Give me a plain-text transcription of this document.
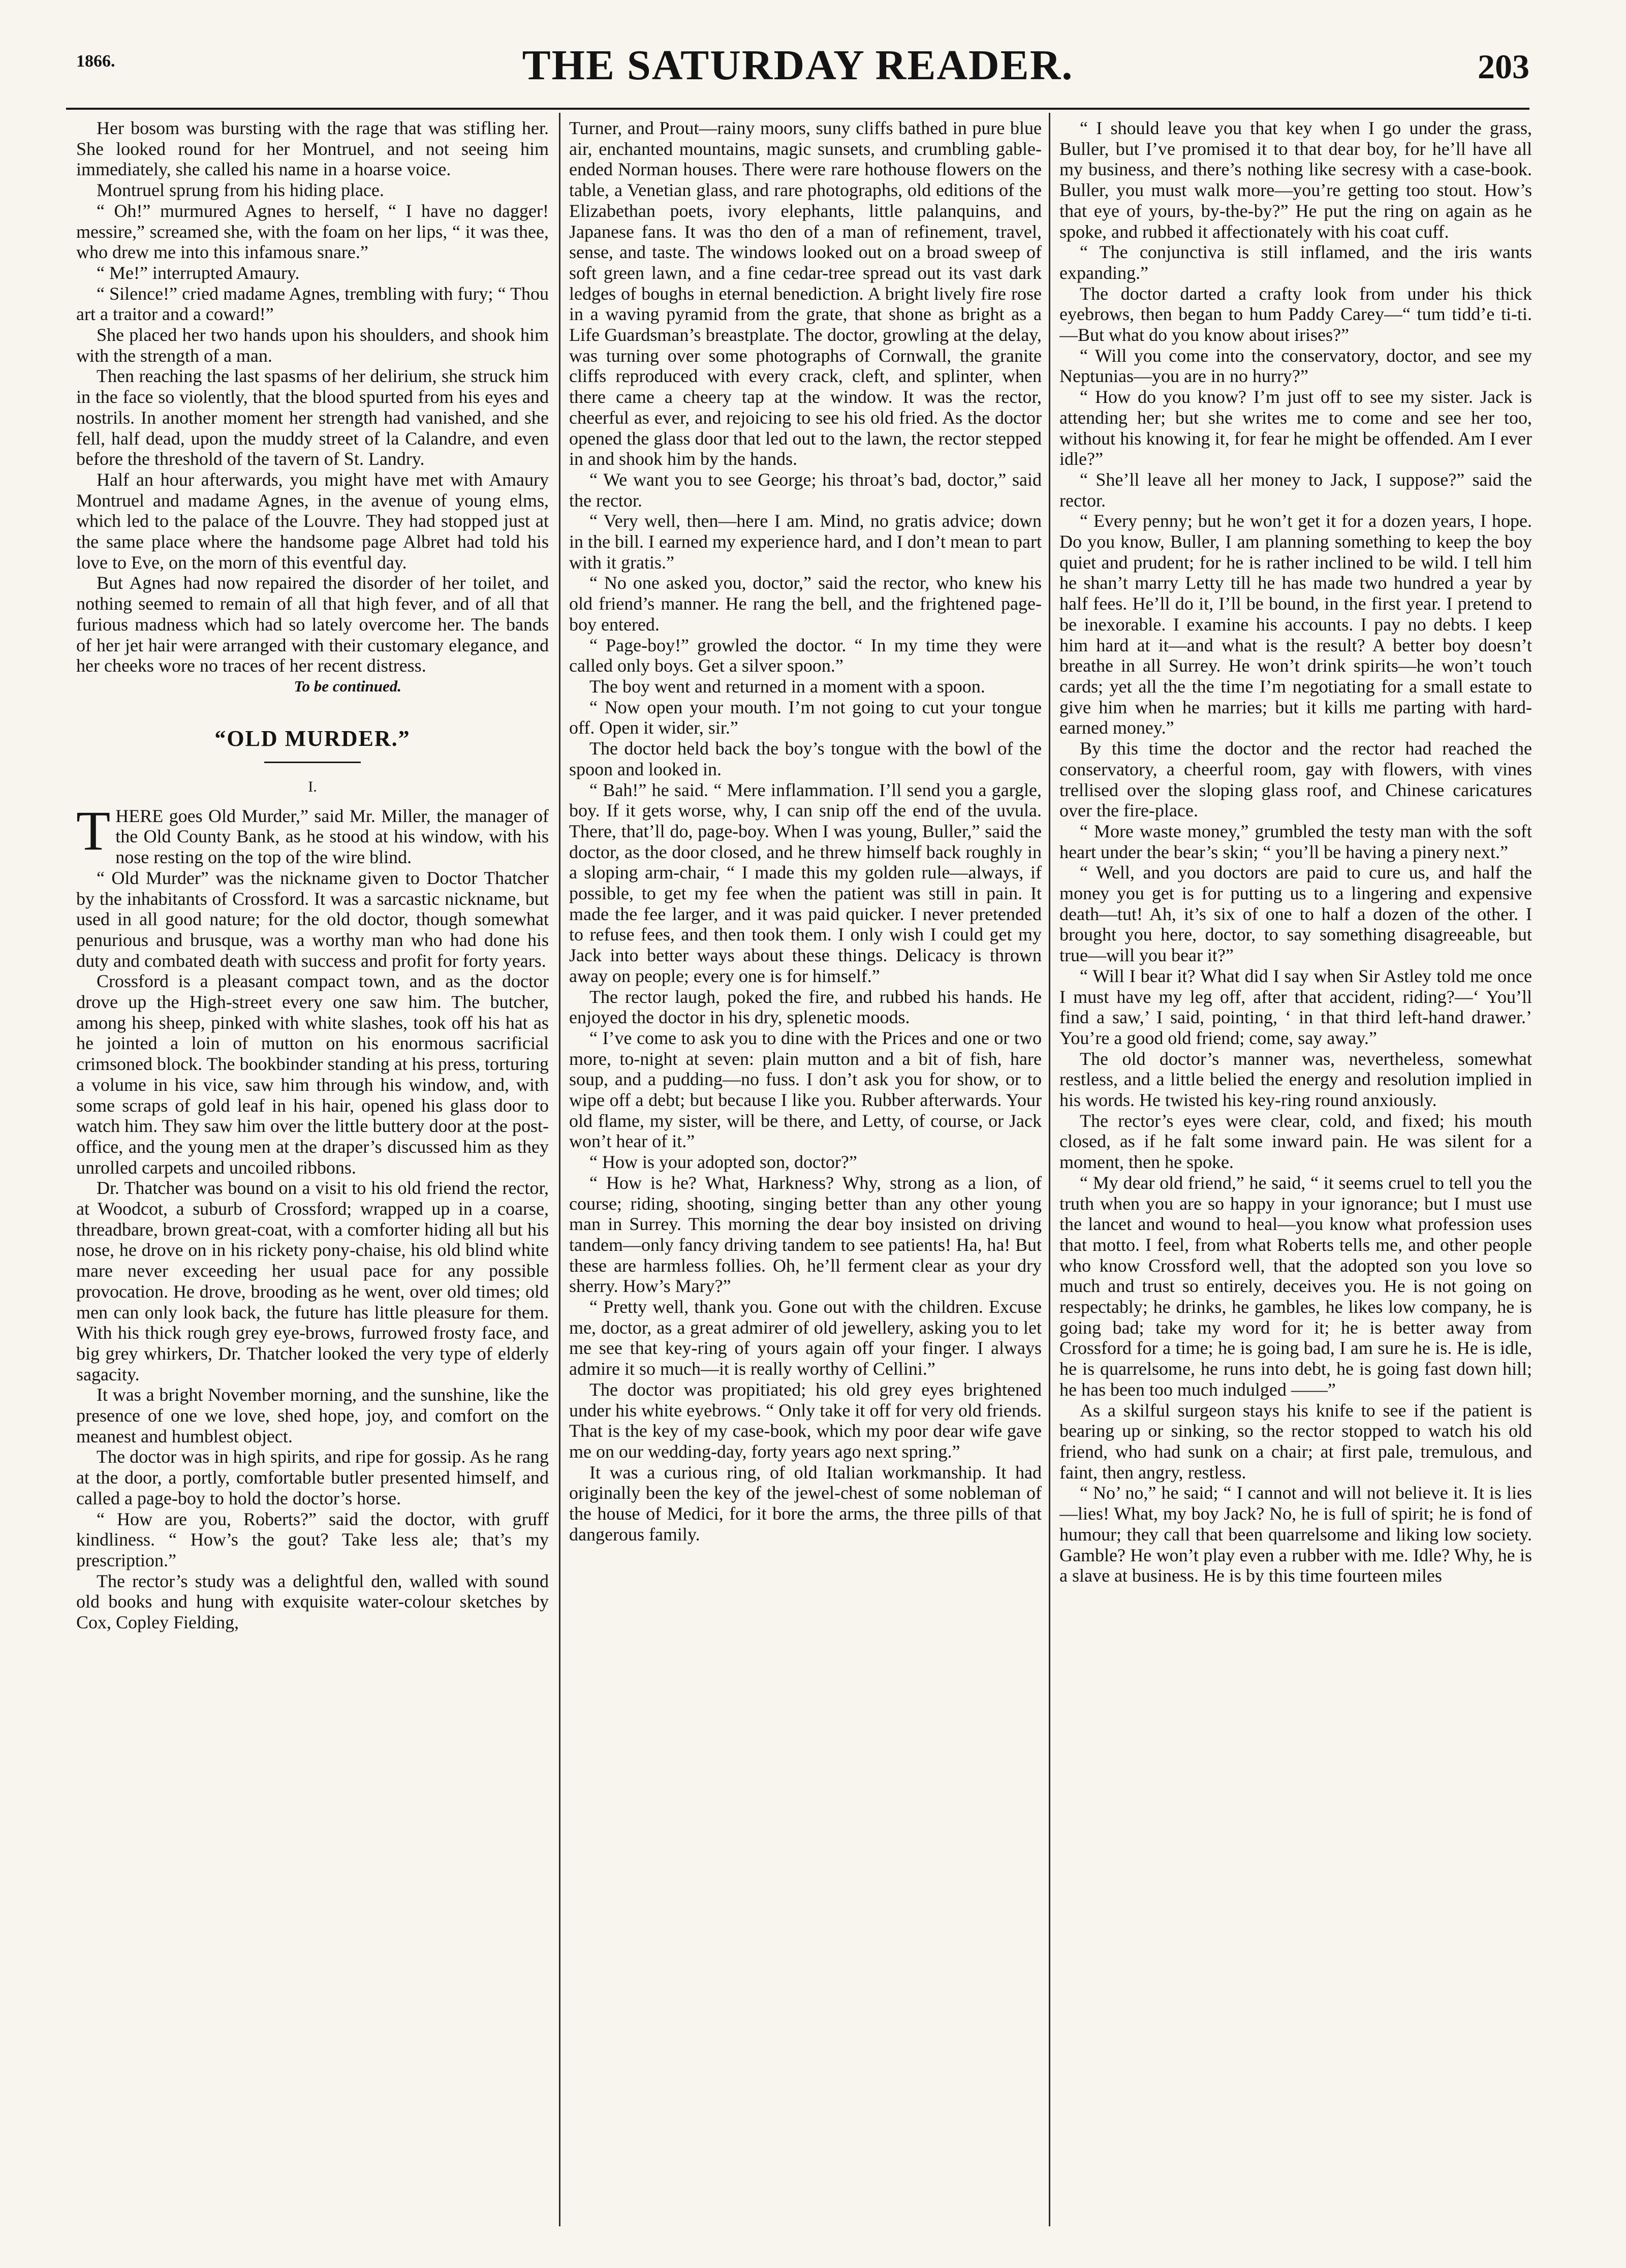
1866.	THE SATURDAY READER.	203

Her bosom was bursting with the rage that was stifling her. She looked round for her Montruel, and not seeing him immediately, she called his name in a hoarse voice.

Montruel sprung from his hiding place.

“ Oh!” murmured Agnes to herself, “ I have no dagger! messire,” screamed she, with the foam on her lips, “ it was thee, who drew me into this infamous snare.”

“ Me!” interrupted Amaury.

“ Silence!” cried madame Agnes, trembling with fury; “ Thou art a traitor and a coward!”

She placed her two hands upon his shoulders, and shook him with the strength of a man.

Then reaching the last spasms of her delirium, she struck him in the face so violently, that the blood spurted from his eyes and nostrils. In another moment her strength had vanished, and she fell, half dead, upon the muddy street of la Calandre, and even before the threshold of the tavern of St. Landry.

Half an hour afterwards, you might have met with Amaury Montruel and madame Agnes, in the avenue of young elms, which led to the palace of the Louvre. They had stopped just at the same place where the handsome page Albret had told his love to Eve, on the morn of this eventful day.

But Agnes had now repaired the disorder of her toilet, and nothing seemed to remain of all that high fever, and of all that furious madness which had so lately overcome her. The bands of her jet hair were arranged with their customary elegance, and her cheeks wore no traces of her recent distress.

To be continued.
“OLD MURDER.”
I.

THERE goes Old Murder,” said Mr. Miller, the manager of the Old County Bank, as he stood at his window, with his nose resting on the top of the wire blind.

“ Old Murder” was the nickname given to Doctor Thatcher by the inhabitants of Crossford. It was a sarcastic nickname, but used in all good nature; for the old doctor, though somewhat penurious and brusque, was a worthy man who had done his duty and combated death with success and profit for forty years.

Crossford is a pleasant compact town, and as the doctor drove up the High-street every one saw him. The butcher, among his sheep, pinked with white slashes, took off his hat as he jointed a loin of mutton on his enormous sacrificial crimsoned block. The bookbinder standing at his press, torturing a volume in his vice, saw him through his window, and, with some scraps of gold leaf in his hair, opened his glass door to watch him. They saw him over the little buttery door at the post-office, and the young men at the draper’s discussed him as they unrolled carpets and uncoiled ribbons.

Dr. Thatcher was bound on a visit to his old friend the rector, at Woodcot, a suburb of Crossford; wrapped up in a coarse, threadbare, brown great-coat, with a comforter hiding all but his nose, he drove on in his rickety pony-chaise, his old blind white mare never exceeding her usual pace for any possible provocation. He drove, brooding as he went, over old times; old men can only look back, the future has little pleasure for them. With his thick rough grey eye-brows, furrowed frosty face, and big grey whirkers, Dr. Thatcher looked the very type of elderly sagacity.

It was a bright November morning, and the sunshine, like the presence of one we love, shed hope, joy, and comfort on the meanest and humblest object.

The doctor was in high spirits, and ripe for gossip. As he rang at the door, a portly, comfortable butler presented himself, and called a page-boy to hold the doctor’s horse.

“ How are you, Roberts?” said the doctor, with gruff kindliness. “ How’s the gout? Take less ale; that’s my prescription.”

The rector’s study was a delightful den, walled with sound old books and hung with exquisite water-colour sketches by Cox, Copley Fielding,

Turner, and Prout—rainy moors, suny cliffs bathed in pure blue air, enchanted mountains, magic sunsets, and crumbling gable-ended Norman houses. There were rare hothouse flowers on the table, a Venetian glass, and rare photographs, old editions of the Elizabethan poets, ivory elephants, little palanquins, and Japanese fans. It was tho den of a man of refinement, travel, sense, and taste. The windows looked out on a broad sweep of soft green lawn, and a fine cedar-tree spread out its vast dark ledges of boughs in eternal benediction. A bright lively fire rose in a waving pyramid from the grate, that shone as bright as a Life Guardsman’s breastplate. The doctor, growling at the delay, was turning over some photographs of Cornwall, the granite cliffs reproduced with every crack, cleft, and splinter, when there came a cheery tap at the window. It was the rector, cheerful as ever, and rejoicing to see his old fried. As the doctor opened the glass door that led out to the lawn, the rector stepped in and shook him by the hands.

“ We want you to see George; his throat’s bad, doctor,” said the rector.

“ Very well, then—here I am. Mind, no gratis advice; down in the bill. I earned my experience hard, and I don’t mean to part with it gratis.”

“ No one asked you, doctor,” said the rector, who knew his old friend’s manner. He rang the bell, and the frightened page-boy entered.

“ Page-boy!” growled the doctor. “ In my time they were called only boys. Get a silver spoon.”

The boy went and returned in a moment with a spoon.

“ Now open your mouth. I’m not going to cut your tongue off. Open it wider, sir.”

The doctor held back the boy’s tongue with the bowl of the spoon and looked in.

“ Bah!” he said. “ Mere inflammation. I’ll send you a gargle, boy. If it gets worse, why, I can snip off the end of the uvula. There, that’ll do, page-boy. When I was young, Buller,” said the doctor, as the door closed, and he threw himself back roughly in a sloping arm-chair, “ I made this my golden rule—always, if possible, to get my fee when the patient was still in pain. It made the fee larger, and it was paid quicker. I never pretended to refuse fees, and then took them. I only wish I could get my Jack into better ways about these things. Delicacy is thrown away on people; every one is for himself.”

The rector laugh, poked the fire, and rubbed his hands. He enjoyed the doctor in his dry, splenetic moods.

“ I’ve come to ask you to dine with the Prices and one or two more, to-night at seven: plain mutton and a bit of fish, hare soup, and a pudding—no fuss. I don’t ask you for show, or to wipe off a debt; but because I like you. Rubber afterwards. Your old flame, my sister, will be there, and Letty, of course, or Jack won’t hear of it.”

“ How is your adopted son, doctor?”

“ How is he? What, Harkness? Why, strong as a lion, of course; riding, shooting, singing better than any other young man in Surrey. This morning the dear boy insisted on driving tandem—only fancy driving tandem to see patients! Ha, ha! But these are harmless follies. Oh, he’ll ferment clear as your dry sherry. How’s Mary?”

“ Pretty well, thank you. Gone out with the children. Excuse me, doctor, as a great admirer of old jewellery, asking you to let me see that key-ring of yours again off your finger. I always admire it so much—it is really worthy of Cellini.”

The doctor was propitiated; his old grey eyes brightened under his white eyebrows. “ Only take it off for very old friends. That is the key of my case-book, which my poor dear wife gave me on our wedding-day, forty years ago next spring.”

It was a curious ring, of old Italian workmanship. It had originally been the key of the jewel-chest of some nobleman of the house of Medici, for it bore the arms, the three pills of that dangerous family.

“ I should leave you that key when I go under the grass, Buller, but I’ve promised it to that dear boy, for he’ll have all my business, and there’s nothing like secresy with a case-book. Buller, you must walk more—you’re getting too stout. How’s that eye of yours, by-the-by?” He put the ring on again as he spoke, and rubbed it affectionately with his coat cuff.

“ The conjunctiva is still inflamed, and the iris wants expanding.”

The doctor darted a crafty look from under his thick eyebrows, then began to hum Paddy Carey—“ tum tidd’e ti-ti.—But what do you know about irises?”

“ Will you come into the conservatory, doctor, and see my Neptunias—you are in no hurry?”

“ How do you know? I’m just off to see my sister. Jack is attending her; but she writes me to come and see her too, without his knowing it, for fear he might be offended. Am I ever idle?”

“ She’ll leave all her money to Jack, I suppose?” said the rector.

“ Every penny; but he won’t get it for a dozen years, I hope. Do you know, Buller, I am planning something to keep the boy quiet and prudent; for he is rather inclined to be wild. I tell him he shan’t marry Letty till he has made two hundred a year by half fees. He’ll do it, I’ll be bound, in the first year. I pretend to be inexorable. I examine his accounts. I pay no debts. I keep him hard at it—and what is the result? A better boy doesn’t breathe in all Surrey. He won’t drink spirits—he won’t touch cards; yet all the the time I’m negotiating for a small estate to give him when he marries; but it kills me parting with hard-earned money.”

By this time the doctor and the rector had reached the conservatory, a cheerful room, gay with flowers, with vines trellised over the sloping glass roof, and Chinese caricatures over the fire-place.

“ More waste money,” grumbled the testy man with the soft heart under the bear’s skin; “ you’ll be having a pinery next.”

“ Well, and you doctors are paid to cure us, and half the money you get is for putting us to a lingering and expensive death—tut! Ah, it’s six of one to half a dozen of the other. I brought you here, doctor, to say something disagreeable, but true—will you bear it?”

“ Will I bear it? What did I say when Sir Astley told me once I must have my leg off, after that accident, riding?—‘ You’ll find a saw,’ I said, pointing, ‘ in that third left-hand drawer.’ You’re a good old friend; come, say away.”

The old doctor’s manner was, nevertheless, somewhat restless, and a little belied the energy and resolution implied in his words. He twisted his key-ring round anxiously.

The rector’s eyes were clear, cold, and fixed; his mouth closed, as if he falt some inward pain. He was silent for a moment, then he spoke.

“ My dear old friend,” he said, “ it seems cruel to tell you the truth when you are so happy in your ignorance; but I must use the lancet and wound to heal—you know what profession uses that motto. I feel, from what Roberts tells me, and other people who know Crossford well, that the adopted son you love so much and trust so entirely, deceives you. He is not going on respectably; he drinks, he gambles, he likes low company, he is going bad; take my word for it; he is better away from Crossford for a time; he is going bad, I am sure he is. He is idle, he is quarrelsome, he runs into debt, he is going fast down hill; he has been too much indulged ——”

As a skilful surgeon stays his knife to see if the patient is bearing up or sinking, so the rector stopped to watch his old friend, who had sunk on a chair; at first pale, tremulous, and faint, then angry, restless.

“ No’ no,” he said; “ I cannot and will not believe it. It is lies—lies! What, my boy Jack? No, he is full of spirit; he is fond of humour; they call that been quarrelsome and liking low society. Gamble? He won’t play even a rubber with me. Idle? Why, he is a slave at business. He is by this time fourteen miles
